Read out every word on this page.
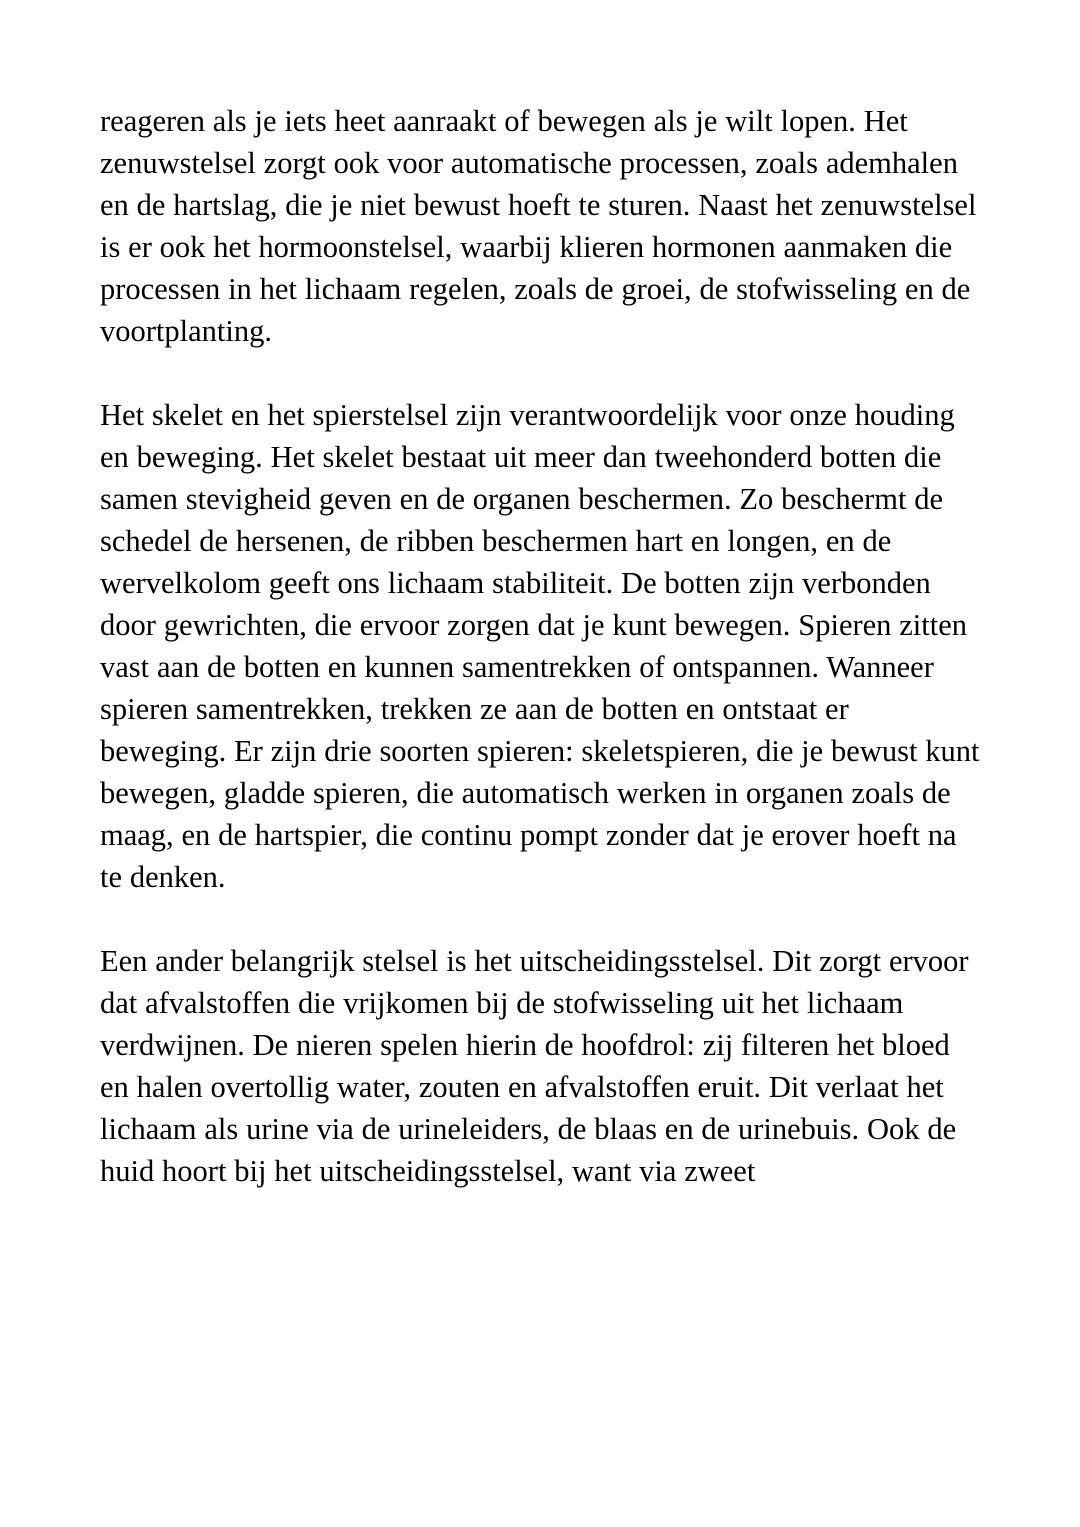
reageren als je iets heet aanraakt of bewegen als je wilt lopen. Het zenuwstelsel zorgt ook voor automatische processen, zoals ademhalen en de hartslag, die je niet bewust hoeft te sturen. Naast het zenuwstelsel is er ook het hormoonstelsel, waarbij klieren hormonen aanmaken die processen in het lichaam regelen, zoals de groei, de stofwisseling en de voortplanting.

Het skelet en het spierstelsel zijn verantwoordelijk voor onze houding en beweging. Het skelet bestaat uit meer dan tweehonderd botten die samen stevigheid geven en de organen beschermen. Zo beschermt de schedel de hersenen, de ribben beschermen hart en longen, en de wervelkolom geeft ons lichaam stabiliteit. De botten zijn verbonden door gewrichten, die ervoor zorgen dat je kunt bewegen. Spieren zitten vast aan de botten en kunnen samentrekken of ontspannen. Wanneer spieren samentrekken, trekken ze aan de botten en ontstaat er beweging. Er zijn drie soorten spieren: skeletspieren, die je bewust kunt bewegen, gladde spieren, die automatisch werken in organen zoals de maag, en de hartspier, die continu pompt zonder dat je erover hoeft na te denken.

Een ander belangrijk stelsel is het uitscheidingsstelsel. Dit zorgt ervoor dat afvalstoffen die vrijkomen bij de stofwisseling uit het lichaam verdwijnen. De nieren spelen hierin de hoofdrol: zij filteren het bloed en halen overtollig water, zouten en afvalstoffen eruit. Dit verlaat het lichaam als urine via de urineleiders, de blaas en de urinebuis. Ook de huid hoort bij het uitscheidingsstelsel, want via zweet
